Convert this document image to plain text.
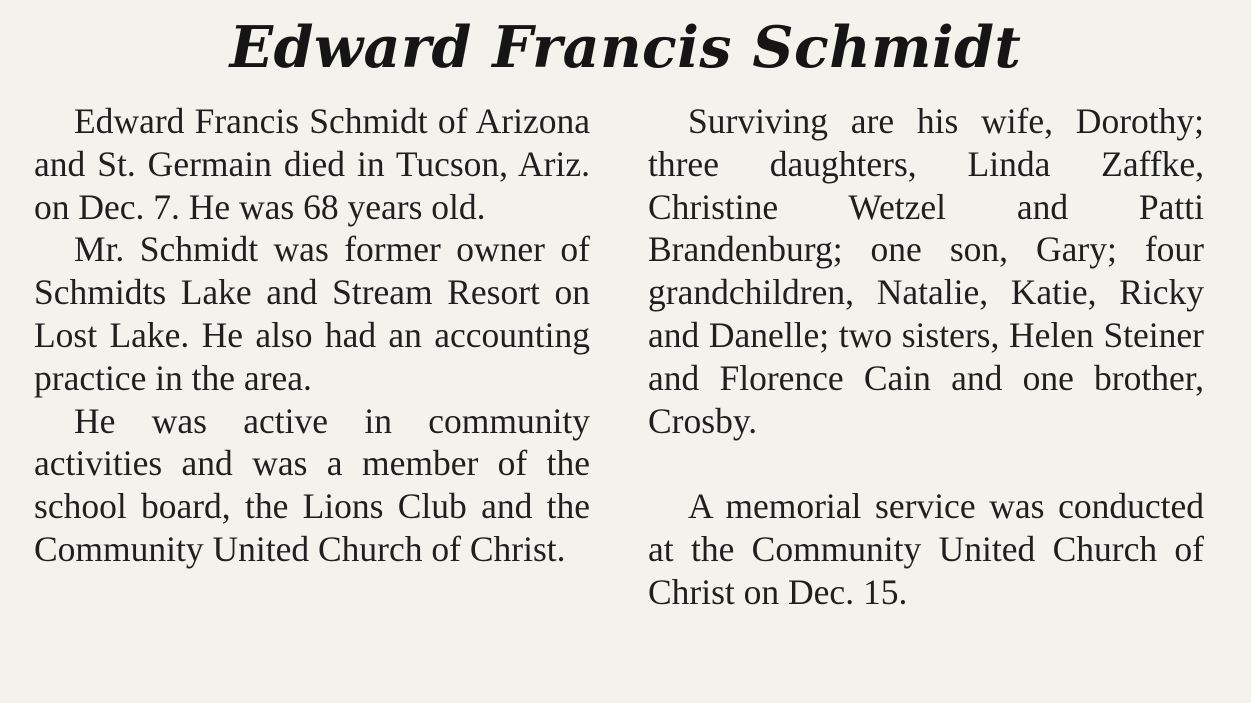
Edward Francis Schmidt

Edward Francis Schmidt of Arizona and St. Germain died in Tucson, Ariz. on Dec. 7. He was 68 years old.

Mr. Schmidt was former owner of Schmidts Lake and Stream Resort on Lost Lake. He also had an accounting practice in the area.

He was active in community activities and was a member of the school board, the Lions Club and the Community United Church of Christ.

Surviving are his wife, Dorothy; three daughters, Linda Zaffke, Christine Wetzel and Patti Brandenburg; one son, Gary; four grandchildren, Natalie, Katie, Ricky and Danelle; two sisters, Helen Steiner and Florence Cain and one brother, Crosby.

A memorial service was conducted at the Community United Church of Christ on Dec. 15.
